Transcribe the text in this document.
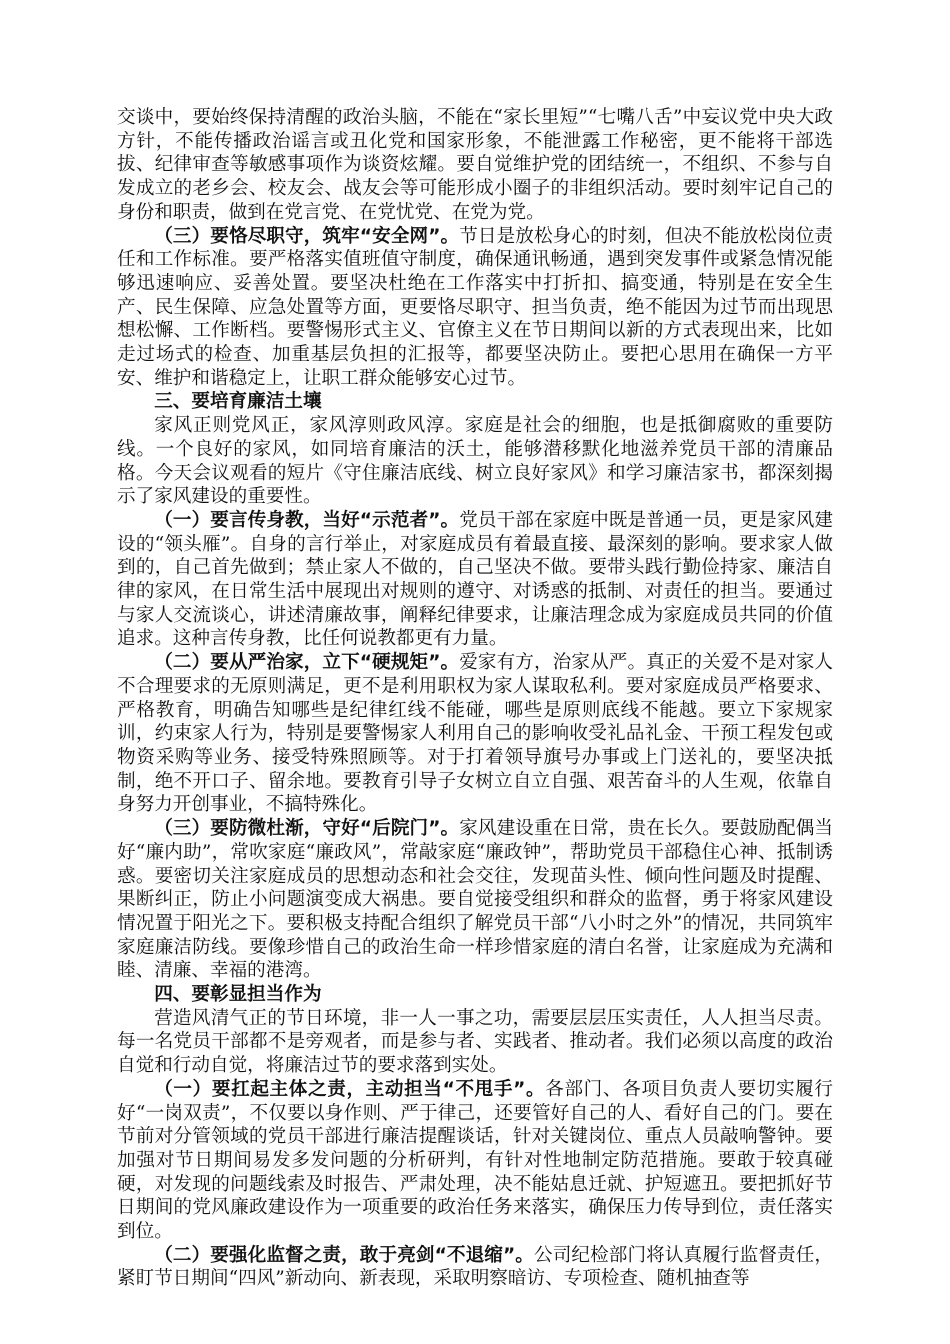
交谈中，要始终保持清醒的政治头脑，不能在“家长里短”“七嘴八舌”中妄议党中央大政方针，不能传播政治谣言或丑化党和国家形象，不能泄露工作秘密，更不能将干部选拔、纪律审查等敏感事项作为谈资炫耀。要自觉维护党的团结统一，不组织、不参与自发成立的老乡会、校友会、战友会等可能形成小圈子的非组织活动。要时刻牢记自己的身份和职责，做到在党言党、在党忧党、在党为党。

（三）要恪尽职守，筑牢“安全网”。节日是放松身心的时刻，但决不能放松岗位责任和工作标准。要严格落实值班值守制度，确保通讯畅通，遇到突发事件或紧急情况能够迅速响应、妥善处置。要坚决杜绝在工作落实中打折扣、搞变通，特别是在安全生产、民生保障、应急处置等方面，更要恪尽职守、担当负责，绝不能因为过节而出现思想松懈、工作断档。要警惕形式主义、官僚主义在节日期间以新的方式表现出来，比如走过场式的检查、加重基层负担的汇报等，都要坚决防止。要把心思用在确保一方平安、维护和谐稳定上，让职工群众能够安心过节。

三、要培育廉洁土壤

家风正则党风正，家风淳则政风淳。家庭是社会的细胞，也是抵御腐败的重要防线。一个良好的家风，如同培育廉洁的沃土，能够潜移默化地滋养党员干部的清廉品格。今天会议观看的短片《守住廉洁底线、树立良好家风》和学习廉洁家书，都深刻揭示了家风建设的重要性。

（一）要言传身教，当好“示范者”。党员干部在家庭中既是普通一员，更是家风建设的“领头雁”。自身的言行举止，对家庭成员有着最直接、最深刻的影响。要求家人做到的，自己首先做到；禁止家人不做的，自己坚决不做。要带头践行勤俭持家、廉洁自律的家风，在日常生活中展现出对规则的遵守、对诱惑的抵制、对责任的担当。要通过与家人交流谈心，讲述清廉故事，阐释纪律要求，让廉洁理念成为家庭成员共同的价值追求。这种言传身教，比任何说教都更有力量。

（二）要从严治家，立下“硬规矩”。爱家有方，治家从严。真正的关爱不是对家人不合理要求的无原则满足，更不是利用职权为家人谋取私利。要对家庭成员严格要求、严格教育，明确告知哪些是纪律红线不能碰，哪些是原则底线不能越。要立下家规家训，约束家人行为，特别是要警惕家人利用自己的影响收受礼品礼金、干预工程发包或物资采购等业务、接受特殊照顾等。对于打着领导旗号办事或上门送礼的，要坚决抵制，绝不开口子、留余地。要教育引导子女树立自立自强、艰苦奋斗的人生观，依靠自身努力开创事业，不搞特殊化。

（三）要防微杜渐，守好“后院门”。家风建设重在日常，贵在长久。要鼓励配偶当好“廉内助”，常吹家庭“廉政风”，常敲家庭“廉政钟”，帮助党员干部稳住心神、抵制诱惑。要密切关注家庭成员的思想动态和社会交往，发现苗头性、倾向性问题及时提醒、果断纠正，防止小问题演变成大祸患。要自觉接受组织和群众的监督，勇于将家风建设情况置于阳光之下。要积极支持配合组织了解党员干部“八小时之外”的情况，共同筑牢家庭廉洁防线。要像珍惜自己的政治生命一样珍惜家庭的清白名誉，让家庭成为充满和睦、清廉、幸福的港湾。

四、要彰显担当作为

营造风清气正的节日环境，非一人一事之功，需要层层压实责任，人人担当尽责。每一名党员干部都不是旁观者，而是参与者、实践者、推动者。我们必须以高度的政治自觉和行动自觉，将廉洁过节的要求落到实处。

（一）要扛起主体之责，主动担当“不甩手”。各部门、各项目负责人要切实履行好“一岗双责”，不仅要以身作则、严于律己，还要管好自己的人、看好自己的门。要在节前对分管领域的党员干部进行廉洁提醒谈话，针对关键岗位、重点人员敲响警钟。要加强对节日期间易发多发问题的分析研判，有针对性地制定防范措施。要敢于较真碰硬，对发现的问题线索及时报告、严肃处理，决不能姑息迁就、护短遮丑。要把抓好节日期间的党风廉政建设作为一项重要的政治任务来落实，确保压力传导到位，责任落实到位。

（二）要强化监督之责，敢于亮剑“不退缩”。公司纪检部门将认真履行监督责任，紧盯节日期间“四风”新动向、新表现，采取明察暗访、专项检查、随机抽查等
